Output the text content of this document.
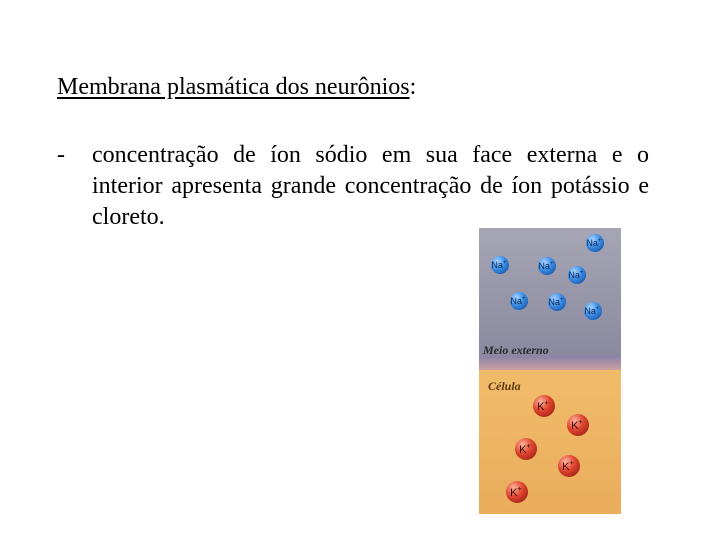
Membrana plasmática dos neurônios:
- concentração de íon sódio em sua face externa e o interior apresenta grande concentração de íon potássio e cloreto.
Meio externo
Célula
Na+
Na+	Na+
Na+
Na+	Na+
Na+
K+
K+
K+
K+
K+
